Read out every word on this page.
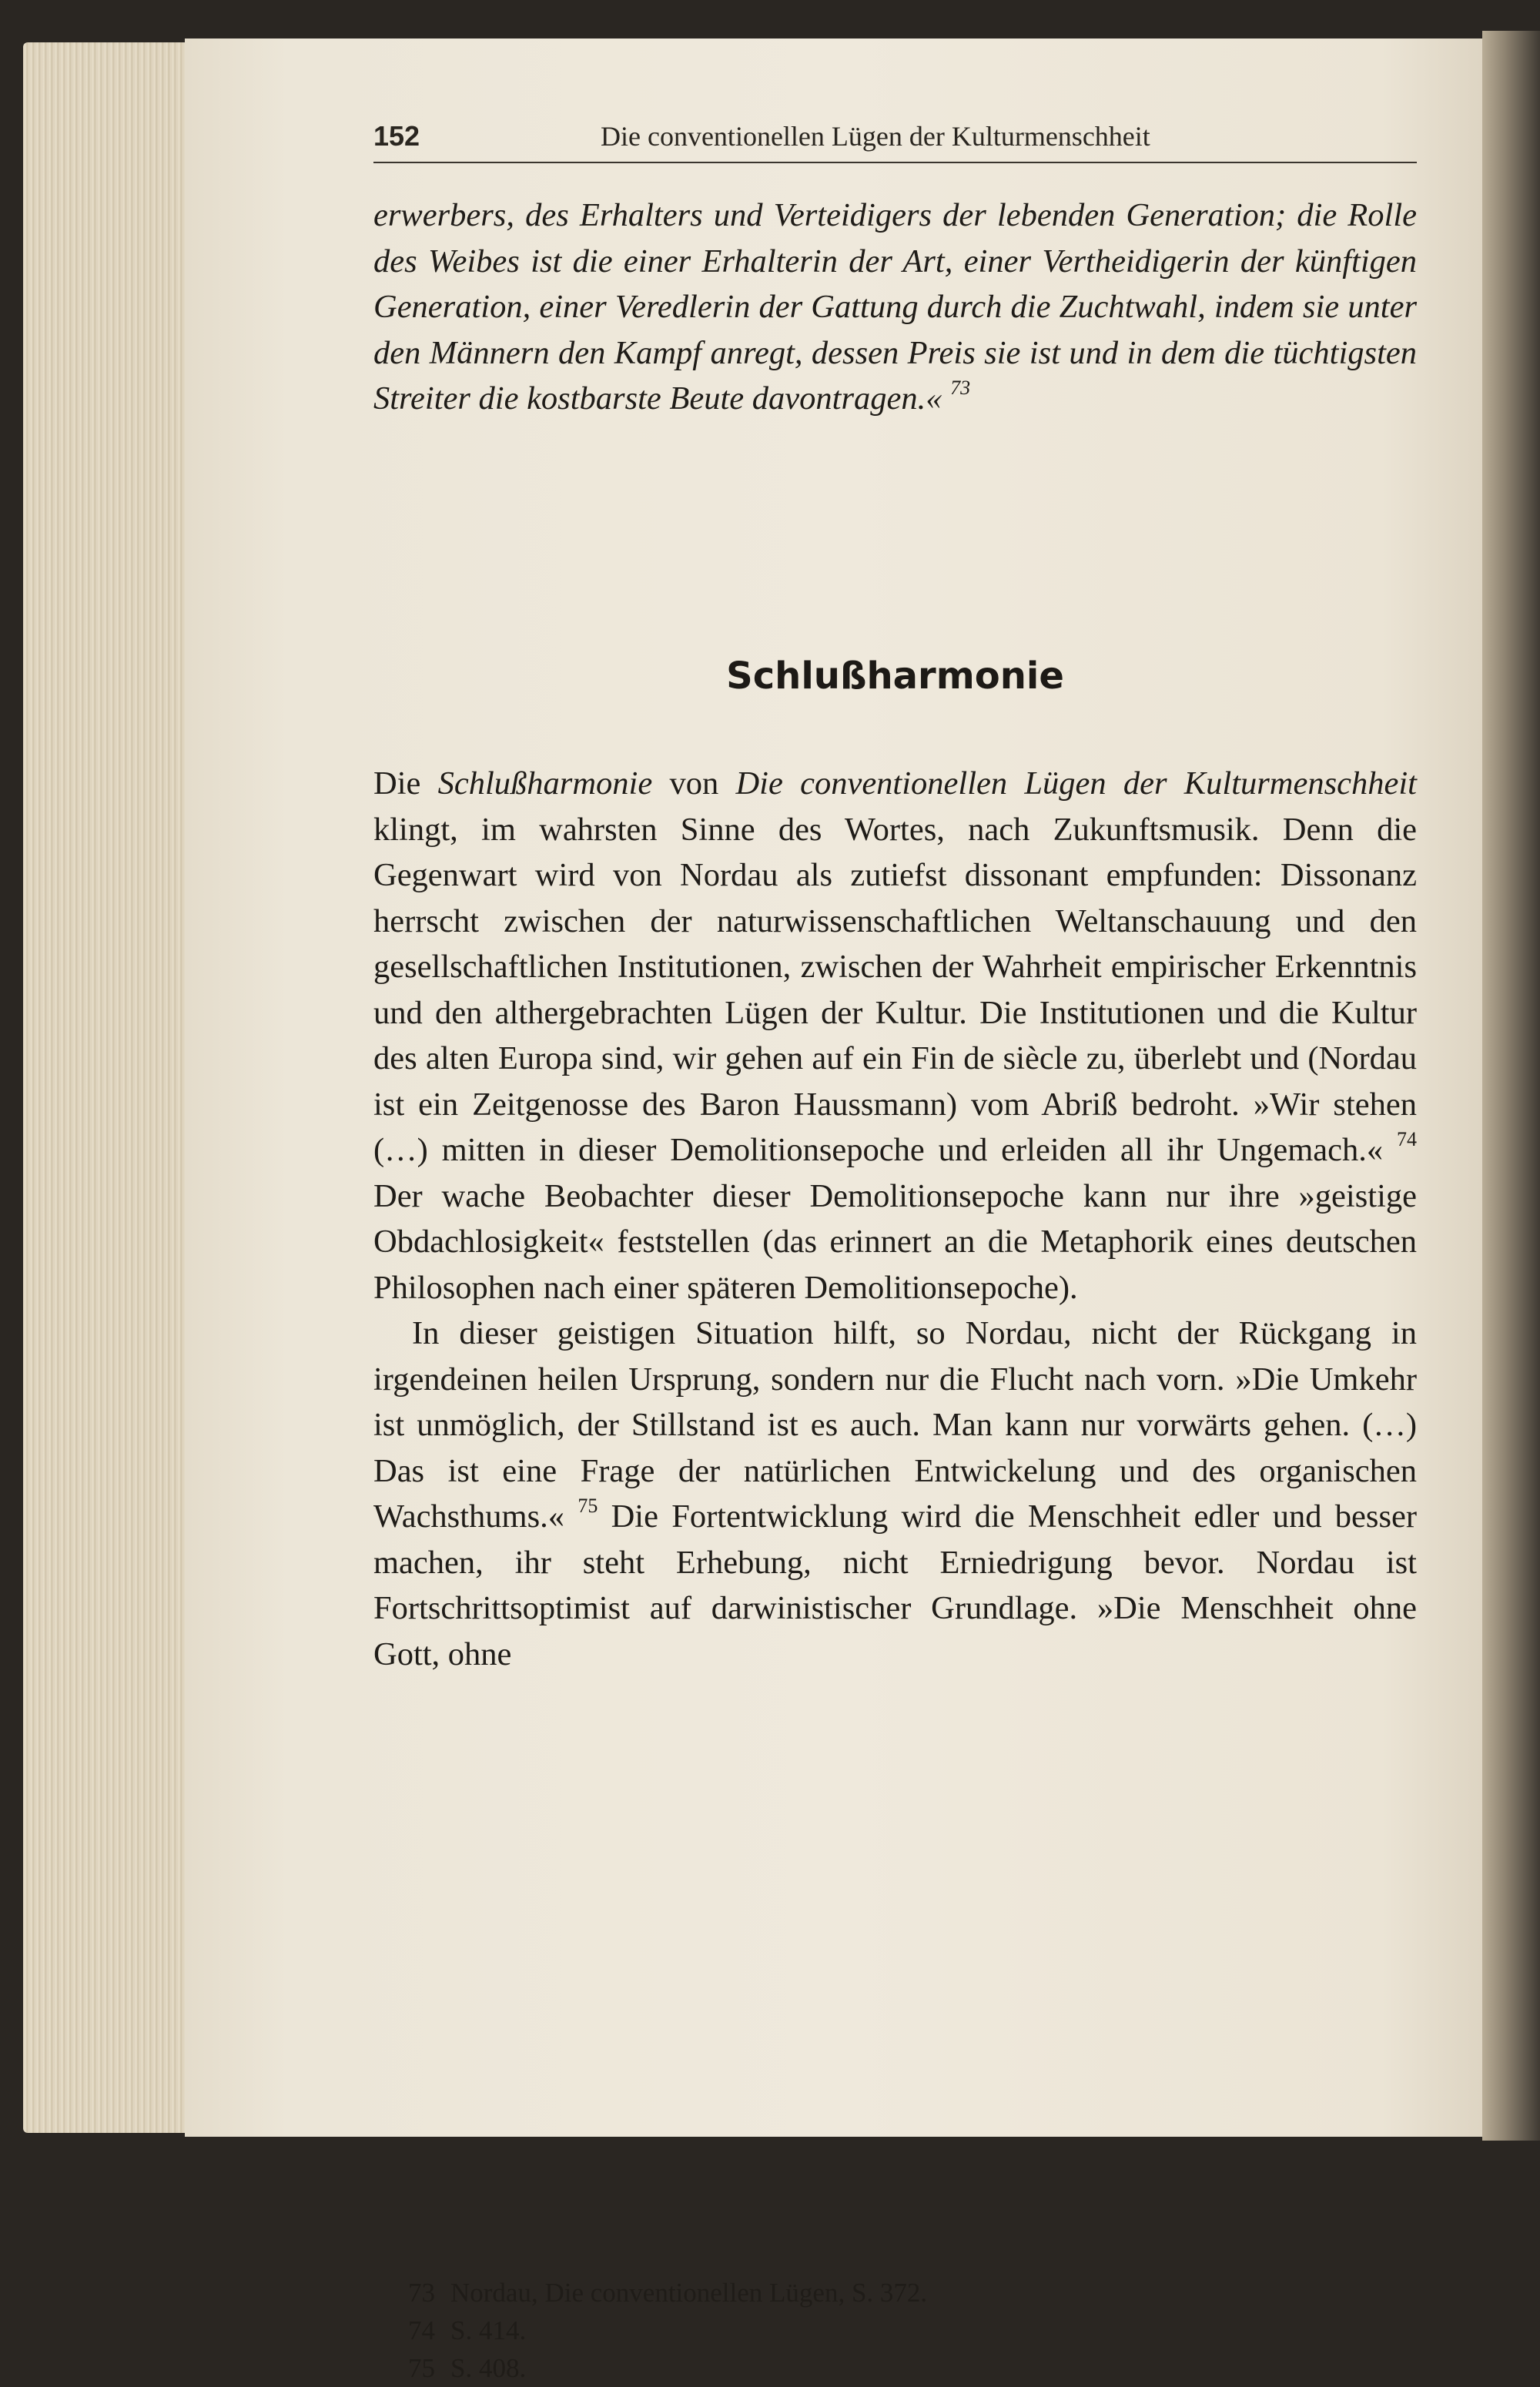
152	Die conventionellen Lügen der Kulturmenschheit

erwerbers, des Erhalters und Verteidigers der lebenden Generation; die Rolle des Weibes ist die einer Erhalterin der Art, einer Vertheidigerin der künftigen Generation, einer Veredlerin der Gattung durch die Zuchtwahl, indem sie unter den Männern den Kampf anregt, dessen Preis sie ist und in dem die tüchtigsten Streiter die kostbarste Beute davontragen.« $^{73}$

Schlußharmonie

Die Schlußharmonie von Die conventionellen Lügen der Kulturmenschheit klingt, im wahrsten Sinne des Wortes, nach Zukunftsmusik. Denn die Gegenwart wird von Nordau als zutiefst dissonant empfunden: Dissonanz herrscht zwischen der naturwissenschaftlichen Weltanschauung und den gesellschaftlichen Institutionen, zwischen der Wahrheit empirischer Erkenntnis und den althergebrachten Lügen der Kultur. Die Institutionen und die Kultur des alten Europa sind, wir gehen auf ein Fin de siècle zu, überlebt und (Nordau ist ein Zeitgenosse des Baron Haussmann) vom Abriß bedroht. »Wir stehen (…) mitten in dieser Demolitionsepoche und erleiden all ihr Ungemach.« $^{74}$ Der wache Beobachter dieser Demolitionsepoche kann nur ihre »geistige Obdachlosigkeit« feststellen (das erinnert an die Metaphorik eines deutschen Philosophen nach einer späteren Demolitionsepoche).

In dieser geistigen Situation hilft, so Nordau, nicht der Rückgang in irgendeinen heilen Ursprung, sondern nur die Flucht nach vorn. »Die Umkehr ist unmöglich, der Stillstand ist es auch. Man kann nur vorwärts gehen. (…) Das ist eine Frage der natürlichen Entwickelung und des organischen Wachsthums.« $^{75}$ Die Fortentwicklung wird die Menschheit edler und besser machen, ihr steht Erhebung, nicht Erniedrigung bevor. Nordau ist Fortschrittsoptimist auf darwinistischer Grundlage. »Die Menschheit ohne Gott, ohne

73 Nordau, Die conventionellen Lügen, S. 372.
74 S. 414.
75 S. 408.
